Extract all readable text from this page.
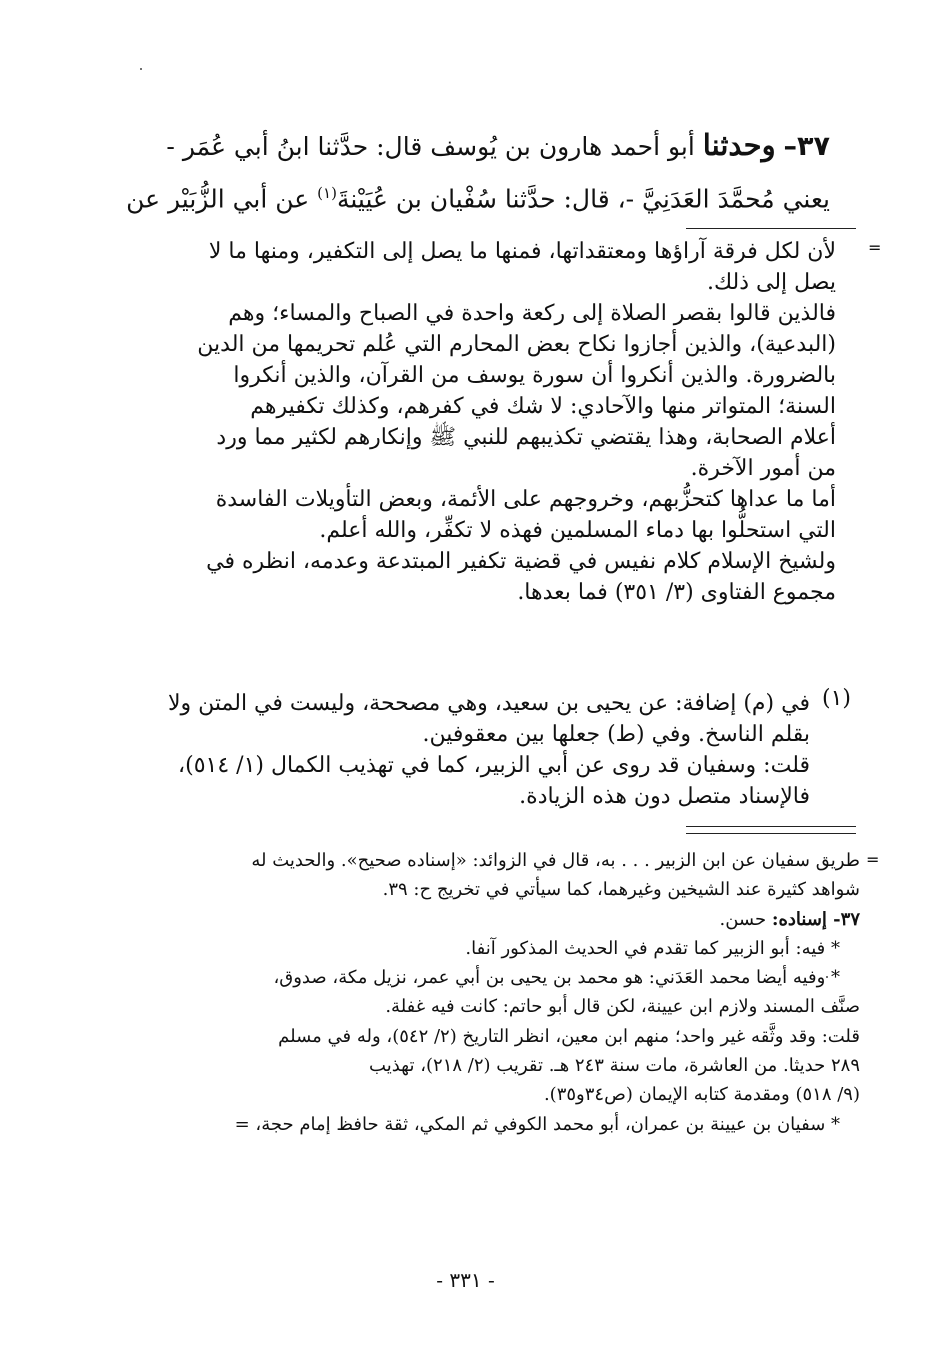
٣٧– وحدثنا أبو أحمد هارون بن يُوسف قال: حدَّثنا ابنُ أبي عُمَر -
يعني مُحمَّدَ العَدَنِيَّ -، قال: حدَّثنا سُفْيان بن عُيَيْنةَ$^{(١)}$ عن أبي الزُّبَيْر عن
=
لأن لكل فرقة آراؤها ومعتقداتها، فمنها ما يصل إلى التكفير، ومنها ما لا
يصل إلى ذلك.
فالذين قالوا بقصر الصلاة إلى ركعة واحدة في الصباح والمساء؛ وهم
(البدعية)، والذين أجازوا نكاح بعض المحارم التي عُلم تحريمها من الدين
بالضرورة. والذين أنكروا أن سورة يوسف من القرآن، والذين أنكروا
السنة؛ المتواتر منها والآحادي: لا شك في كفرهم، وكذلك تكفيرهم
أعلام الصحابة، وهذا يقتضي تكذيبهم للنبي ﷺ وإنكارهم لكثير مما ورد
من أمور الآخرة.
أما ما عداها كتحزُّبهم، وخروجهم على الأئمة، وبعض التأويلات الفاسدة
التي استحلُّوا بها دماء المسلمين فهذه لا تكفِّر، والله أعلم.
ولشيخ الإسلام كلام نفيس في قضية تكفير المبتدعة وعدمه، انظره في
مجموع الفتاوى (٣/ ٣٥١) فما بعدها.
(١)
في (م) إضافة: عن يحيى بن سعيد، وهي مصححة، وليست في المتن ولا
بقلم الناسخ. وفي (ط) جعلها بين معقوفين.
قلت: وسفيان قد روى عن أبي الزبير، كما في تهذيب الكمال (١/ ٥١٤)،
فالإسناد متصل دون هذه الزيادة.
=
طريق سفيان عن ابن الزبير . . . به، قال في الزوائد: «إسناده صحيح». والحديث له
شواهد كثيرة عند الشيخين وغيرهما، كما سيأتي في تخريج ح: ٣٩.
٣٧- إسناده: حسن.
* فيه: أبو الزبير كما تقدم في الحديث المذكور آنفا.
* وفيه أيضا محمد العَدَني: هو محمد بن يحيى بن أبي عمر، نزيل مكة، صدوق،
صنَّف المسند ولازم ابن عيينة، لكن قال أبو حاتم: كانت فيه غفلة.
قلت: وقد وثَّقه غير واحد؛ منهم ابن معين، انظر التاريخ (٢/ ٥٤٢)، وله في مسلم
٢٨٩ حديثا. من العاشرة، مات سنة ٢٤٣ هـ. تقريب (٢/ ٢١٨)، تهذيب
(٩/ ٥١٨) ومقدمة كتابه الإيمان (ص٣٤و٣٥).
* سفيان بن عيينة بن عمران، أبو محمد الكوفي ثم المكي، ثقة حافظ إمام حجة، =
- ٣٣١ -
